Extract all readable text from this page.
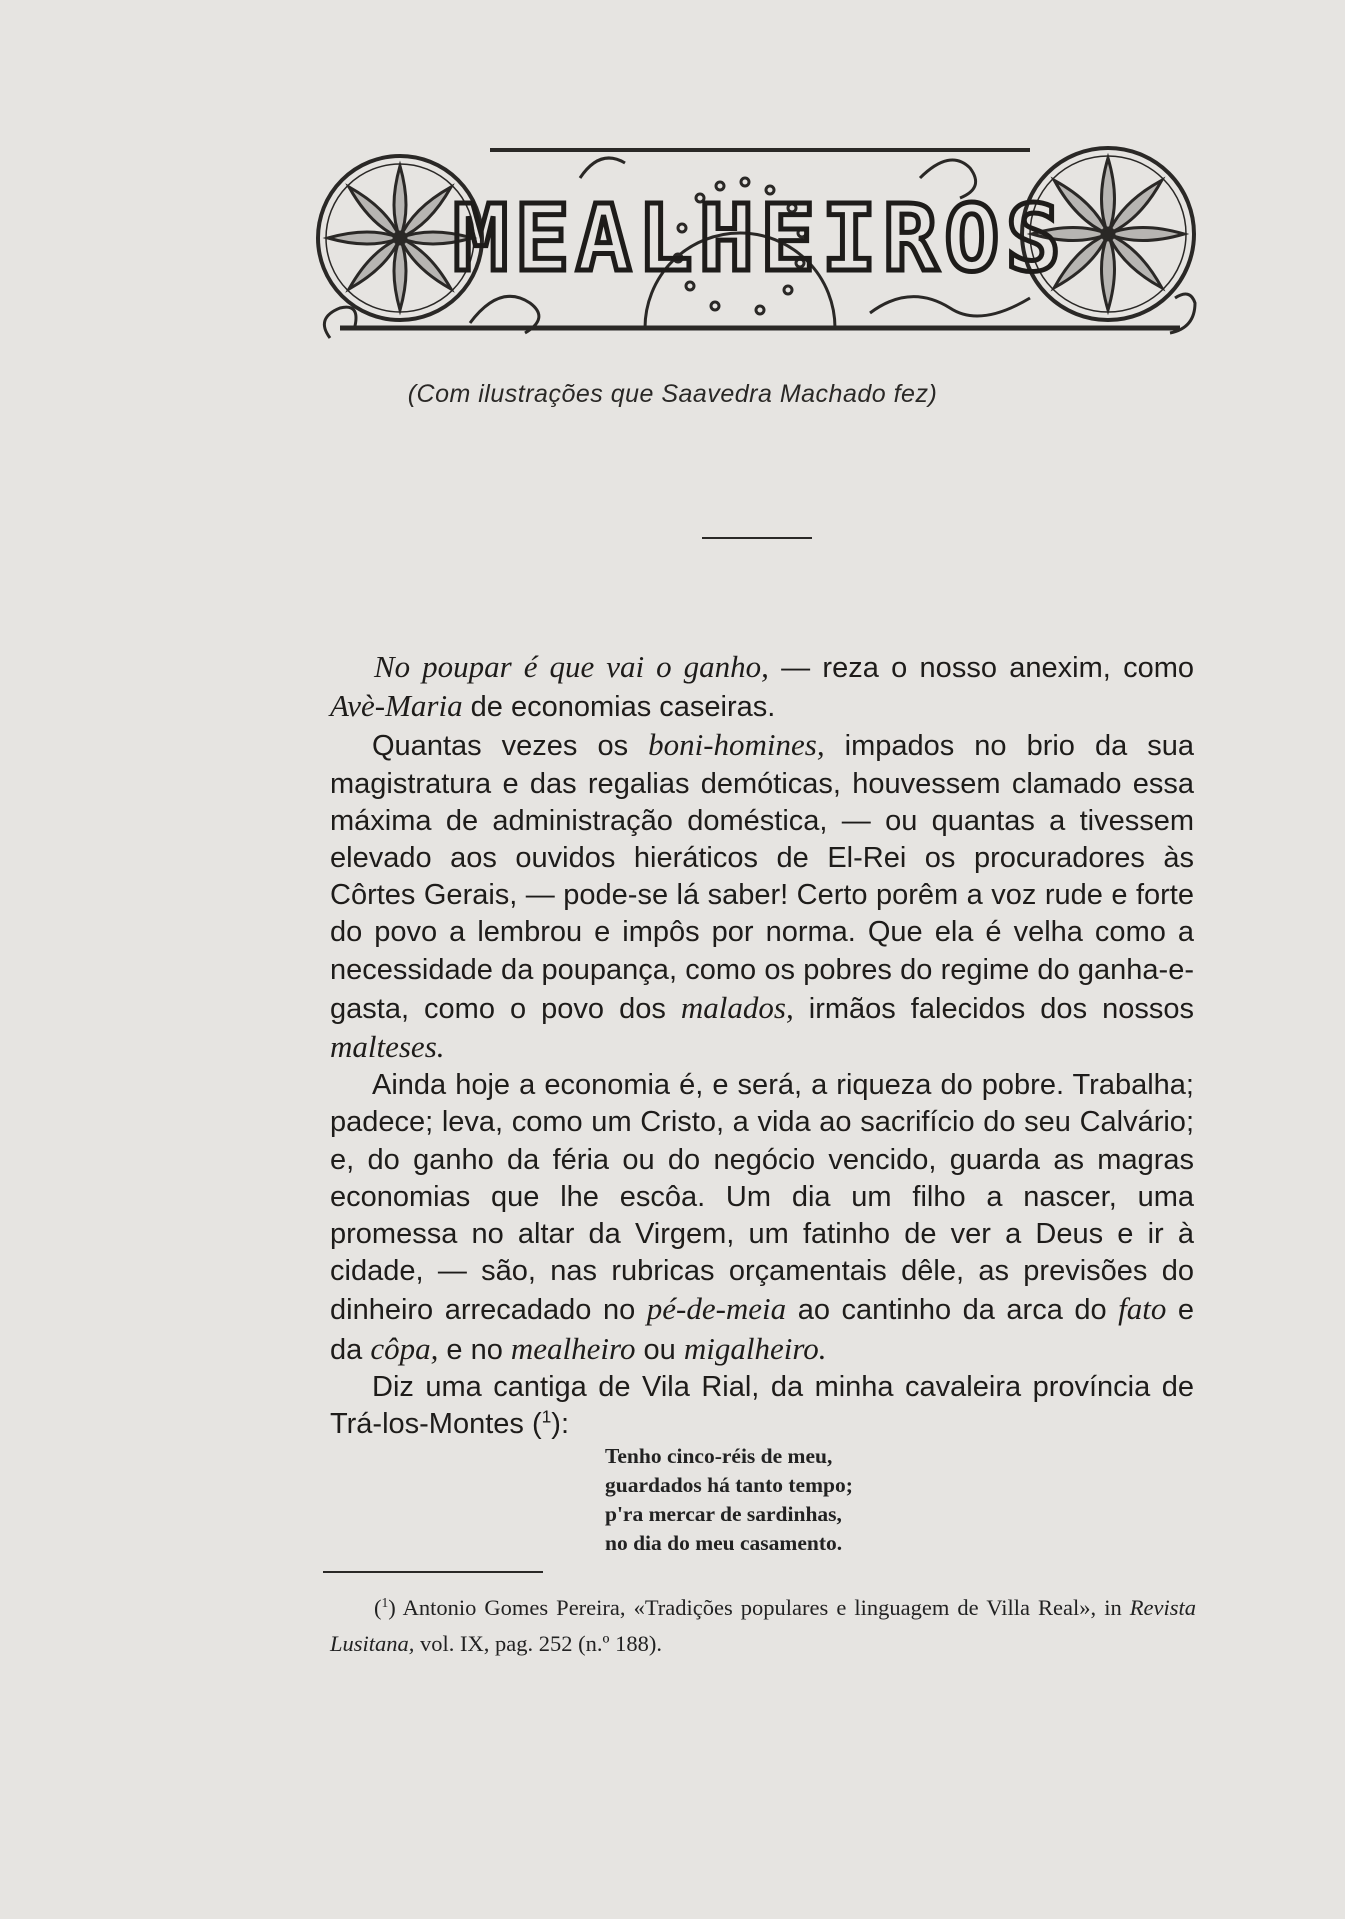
MEALHEIROS
(Com ilustrações que Saavedra Machado fez)

No poupar é que vai o ganho, — reza o nosso anexim, como Avè-Maria de economias caseiras.

Quantas vezes os boni-homines, impados no brio da sua magistratura e das regalias demóticas, houvessem clamado essa máxima de administração doméstica, — ou quantas a tivessem elevado aos ouvidos hieráticos de El-Rei os procuradores às Côrtes Gerais, — pode-se lá saber! Certo porêm a voz rude e forte do povo a lembrou e impôs por norma. Que ela é velha como a necessidade da poupança, como os pobres do regime do ganha-e-gasta, como o povo dos malados, irmãos falecidos dos nossos malteses.

Ainda hoje a economia é, e será, a riqueza do pobre. Trabalha; padece; leva, como um Cristo, a vida ao sacrifício do seu Calvário; e, do ganho da féria ou do negócio vencido, guarda as magras economias que lhe escôa. Um dia um filho a nascer, uma promessa no altar da Virgem, um fatinho de ver a Deus e ir à cidade, — são, nas rubricas orçamentais dêle, as previsões do dinheiro arrecadado no pé-de-meia ao cantinho da arca do fato e da côpa, e no mealheiro ou migalheiro.

Diz uma cantiga de Vila Rial, da minha cavaleira província de Trá-los-Montes ($^1$):

Tenho cinco-réis de meu,
guardados há tanto tempo;
p'ra mercar de sardinhas,
no dia do meu casamento.

($^1$) Antonio Gomes Pereira, «Tradições populares e linguagem de Villa Real», in Revista Lusitana, vol. IX, pag. 252 (n.º 188).
